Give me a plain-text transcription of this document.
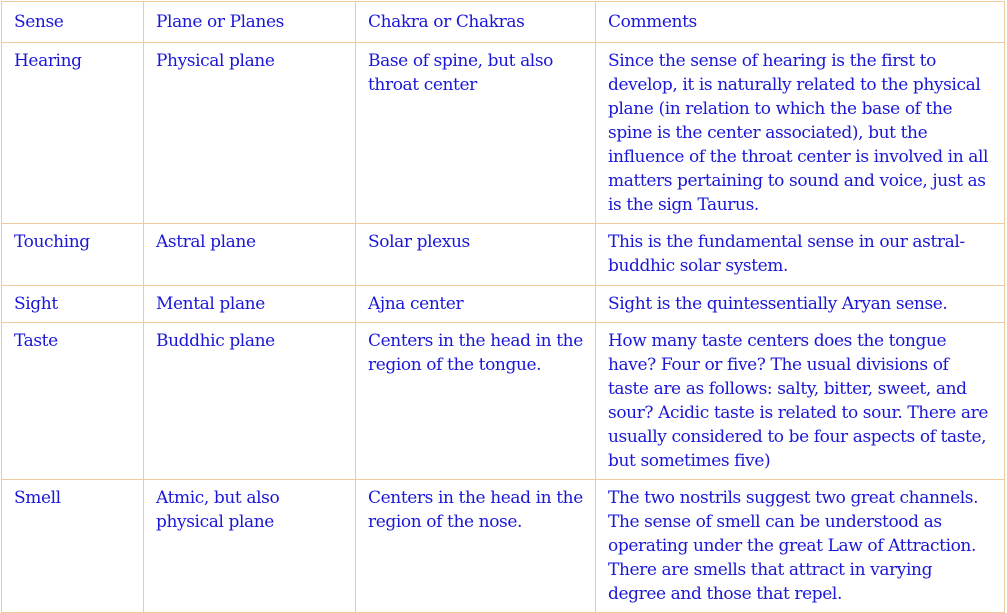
Sense	Plane or Planes	Chakra or Chakras	Comments
Hearing	Physical plane	Base of spine, but also throat center	Since the sense of hearing is the first to develop, it is naturally related to the physical plane (in relation to which the base of the spine is the center associated), but the influence of the throat center is involved in all matters pertaining to sound and voice, just as is the sign Taurus.
Touching	Astral plane	Solar plexus	This is the fundamental sense in our astral-buddhic solar system.
Sight	Mental plane	Ajna center	Sight is the quintessentially Aryan sense.
Taste	Buddhic plane	Centers in the head in the region of the tongue.	How many taste centers does the tongue have? Four or five? The usual divisions of taste are as follows: salty, bitter, sweet, and sour? Acidic taste is related to sour. There are usually considered to be four aspects of taste, but sometimes five)
Smell	Atmic, but also physical plane	Centers in the head in the region of the nose.	The two nostrils suggest two great channels. The sense of smell can be understood as operating under the great Law of Attraction. There are smells that attract in varying degree and those that repel.
